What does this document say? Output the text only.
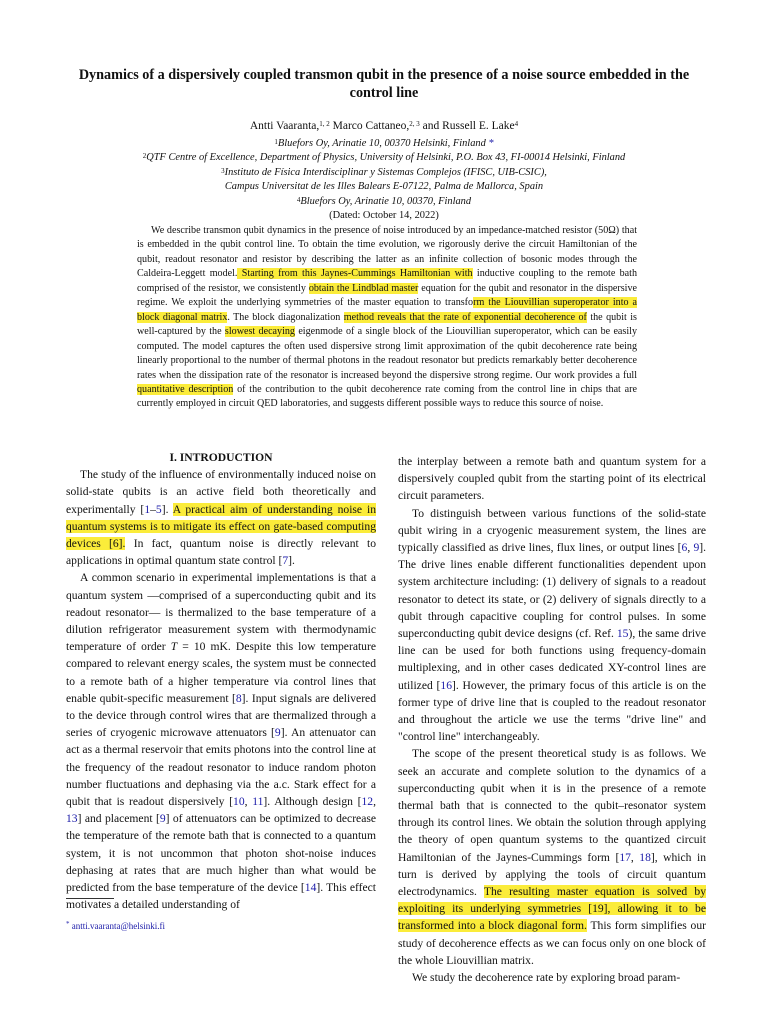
Dynamics of a dispersively coupled transmon qubit in the presence of a noise source embedded in the control line
Antti Vaaranta,$^{1, 2}$ Marco Cattaneo,$^{2, 3}$ and Russell E. Lake$^4$
$^1$Bluefors Oy, Arinatie 10, 00370 Helsinki, Finland *
$^2$QTF Centre of Excellence, Department of Physics, University of Helsinki, P.O. Box 43, FI-00014 Helsinki, Finland
$^3$Instituto de Física Interdisciplinar y Sistemas Complejos (IFISC, UIB-CSIC),
Campus Universitat de les Illes Balears E-07122, Palma de Mallorca, Spain
$^4$Bluefors Oy, Arinatie 10, 00370, Finland
(Dated: October 14, 2022)

We describe transmon qubit dynamics in the presence of noise introduced by an impedance-matched resistor (50Ω) that is embedded in the qubit control line. To obtain the time evolution, we rigorously derive the circuit Hamiltonian of the qubit, readout resonator and resistor by describing the latter as an infinite collection of bosonic modes through the Caldeira-Leggett model. Starting from this Jaynes-Cummings Hamiltonian with inductive coupling to the remote bath comprised of the resistor, we consistently obtain the Lindblad master equation for the qubit and resonator in the dispersive regime. We exploit the underlying symmetries of the master equation to transform the Liouvillian superoperator into a block diagonal matrix. The block diagonalization method reveals that the rate of exponential decoherence of the qubit is well-captured by the slowest decaying eigenmode of a single block of the Liouvillian superoperator, which can be easily computed. The model captures the often used dispersive strong limit approximation of the qubit decoherence rate being linearly proportional to the number of thermal photons in the readout resonator but predicts remarkably better decoherence rates when the dissipation rate of the resonator is increased beyond the dispersive strong regime. Our work provides a full quantitative description of the contribution to the qubit decoherence rate coming from the control line in chips that are currently employed in circuit QED laboratories, and suggests different possible ways to reduce this source of noise.

I. INTRODUCTION

The study of the influence of environmentally induced noise on solid-state qubits is an active field both theoretically and experimentally [1–5]. A practical aim of understanding noise in quantum systems is to mitigate its effect on gate-based computing devices [6]. In fact, quantum noise is directly relevant to applications in optimal quantum state control [7].

A common scenario in experimental implementations is that a quantum system —comprised of a superconducting qubit and its readout resonator— is thermalized to the base temperature of a dilution refrigerator measurement system with thermodynamic temperature of order T = 10 mK. Despite this low temperature compared to relevant energy scales, the system must be connected to a remote bath of a higher temperature via control lines that enable qubit-specific measurement [8]. Input signals are delivered to the device through control wires that are thermalized through a series of cryogenic microwave attenuators [9]. An attenuator can act as a thermal reservoir that emits photons into the control line at the frequency of the readout resonator to induce random photon number fluctuations and dephasing via the a.c. Stark effect for a qubit that is readout dispersively [10, 11]. Although design [12, 13] and placement [9] of attenuators can be optimized to decrease the temperature of the remote bath that is connected to a quantum system, it is not uncommon that photon shot-noise induces dephasing at rates that are much higher than what would be predicted from the base temperature of the device [14]. This effect motivates a detailed understanding of

* antti.vaaranta@helsinki.fi

the interplay between a remote bath and quantum system for a dispersively coupled qubit from the starting point of its electrical circuit parameters.

To distinguish between various functions of the solid-state qubit wiring in a cryogenic measurement system, the lines are typically classified as drive lines, flux lines, or output lines [6, 9]. The drive lines enable different functionalities dependent upon system architecture including: (1) delivery of signals to a readout resonator to detect its state, or (2) delivery of signals directly to a qubit through capacitive coupling for control pulses. In some superconducting qubit device designs (cf. Ref. 15), the same drive line can be used for both functions using frequency-domain multiplexing, and in other cases dedicated XY-control lines are utilized [16]. However, the primary focus of this article is on the former type of drive line that is coupled to the readout resonator and throughout the article we use the terms "drive line" and "control line" interchangeably.

The scope of the present theoretical study is as follows. We seek an accurate and complete solution to the dynamics of a superconducting qubit when it is in the presence of a remote thermal bath that is connected to the qubit–resonator system through its control lines. We obtain the solution through applying the theory of open quantum systems to the quantized circuit Hamiltonian of the Jaynes-Cummings form [17, 18], which in turn is derived by applying the tools of circuit quantum electrodynamics. The resulting master equation is solved by exploiting its underlying symmetries [19], allowing it to be transformed into a block diagonal form. This form simplifies our study of decoherence effects as we can focus only on one block of the whole Liouvillian matrix.

We study the decoherence rate by exploring broad param-
